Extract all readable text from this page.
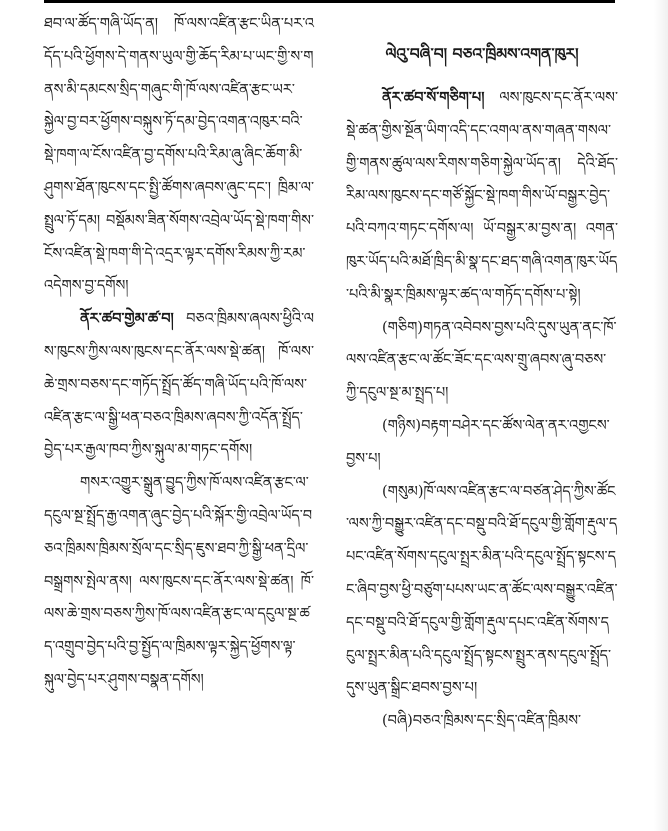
ཐབ་ལ་ཚོད་གཞི་ཡོད་ན། ཁོ་ལས་འཛིན་རྩང་ཡིན་པར་འདོད་པའི་ཕྱོགས་དེ་གནས་ཡུལ་གྱི་ཆོད་རིམ་པ་ཡང་གྱི་ས་གནས་མི་དམངས་སྲིད་གཞུང་གི་ཁོ་ལས་འཛིན་རྩང་ཡར་སྐྱེལ་བྱ་བར་ཕྱོགས་བསྐུས་ཏོ་དམ་བྱེད་འགན་འཁུར་བའི་སྡེ་ཁག་ལ་ངོས་འཛིན་བྱ་དགོས་པའི་རིམ་ཞུ་ཞིང་ཆོག་མི་ཤུགས་ཐོན་ཁུངས་དང་སྤྱི་ཚོགས་ཞབས་ཞུང་དང་། ཁྲིམ་ལ་སྤྲུལ་ཏོ་དམ། བསྡོམས་ཟིན་སོགས་འབྲེལ་ཡོད་སྡེ་ཁག་གིས་ངོས་འཛིན་སྡེ་ཁག་གི་དེ་འདྲར་ལྟར་དགོས་རིམས་ཀྱི་རམ་འདེགས་བྱ་དགོས།

ནོར་ཚབ་གྱེམ་ཚ་བ། བཅའ་ཁྲིམས་ཞལས་ཕྱིའི་ལས་ཁུངས་ཀྱིས་ལས་ཁུངས་དང་ནོར་ལས་སྡེ་ཚན། ཁོ་ལས་ཆེ་གྲས་བཅས་དང་གཏོད་སྤྲོད་ཚོད་གཞི་ཡོད་པའི་ཁོ་ལས་འཛིན་རྩང་ལ་སྒྱི་ཕན་བཅའ་ཁྲིམས་ཞབས་ཀྱི་འདོན་སྤྲོད་བྱེད་པར་རྒྱལ་ཁབ་ཀྱིས་སྐུལ་མ་གཏང་དགོས།

གསར་འགྱུར་སྒྲུན་བྱུད་ཀྱིས་ཁོ་ལས་འཛིན་རྩང་ལ་དངུལ་སྔ་སྤྲོད་རྒྱ་འགན་ཞུང་བྱེད་པའི་སྐོར་གྱི་འབྲེལ་ཡོད་བཅའ་ཁྲིམས་ཁྲིམས་སྲོལ་དང་སྲིད་ཇུས་ཐབ་ཀྱི་སྒྱི་ཕན་དྲིལ་བསྒྲགས་སྤེལ་ནས། ལས་ཁུངས་དང་ནོར་ལས་སྡེ་ཚན། ཁོ་ལས་ཆེ་གྲས་བཅས་ཀྱིས་ཁོ་ལས་འཛིན་རྩང་ལ་དངུལ་སྔ་ཚད་འགྲུབ་བྱེད་པའི་བྱ་སྤྱོད་ལ་ཁྲིམས་ལྟར་སྐྱེད་ཕྱོགས་ལྟ་སྐུལ་བྱེད་པར་ཤུགས་བསྣན་དགོས།

ལེའུ་བཞི་བ། བཅའ་ཁྲིམས་འགན་ཁུར།

ནོར་ཚབ་སོ་གཅིག་པ། ལས་ཁུངས་དང་ནོར་ལས་སྡེ་ཚན་གྱིས་སྔོན་ཡིག་འདི་དང་འགལ་ནས་གཞན་གསལ་གྱི་གནས་ཚུལ་ལས་རིགས་གཅིག་སྐྱེལ་ཡོད་ན། དེའི་ཐོད་རིམ་ལས་ཁུངས་དང་གཙོ་སྐྱོང་སྡེ་ཁག་གིས་ཡོ་བསྒྱར་བྱེད་པའི་བཀའ་གཏང་དགོས་ལ། ཡོ་བསྒྱར་མ་བྱས་ན། འགན་ཁུར་ཡོད་པའི་མཐོ་ཁྲིད་མི་སྣ་དང་ཐད་གཞི་འགན་ཁུར་ཡོད་པའི་མི་སྣར་ཁྲིམས་ལྟར་ཚད་ལ་གཏོད་དགོས་པ་སྟེ།

(གཅིག)གཏན་འབེབས་བྱས་པའི་དུས་ཡུན་ནང་ཁོ་ལས་འཛིན་རྩང་ལ་ཚོང་ཟོང་དང་ལས་གྲུ་ཞབས་ཞུ་བཅས་ཀྱི་དངུལ་སྔ་མ་སྤྲད་པ།

(གཉིས)བརྟག་བཤེར་དང་ཚོས་ལེན་ནར་འགྱངས་བྱས་པ།

(གསུམ)ཁོ་ལས་འཛིན་རྩང་ལ་བཙན་ཤེད་ཀྱིས་ཚོང་ལས་ཀྱི་བསྒྱུར་འཛིན་དང་བསྡུ་བའི་ཐོ་དངུལ་གྱི་གློག་རྡུལ་དཔང་འཛིན་སོགས་དངུལ་སྤྲར་མིན་པའི་དངུལ་སྤྲོད་སྟངས་དང་ཞིབ་བྱས་ཕྱི་བཙུག་པཔས་ཡང་ན་ཚོང་ལས་བསྒྱུར་འཛིན་དང་བསྡུ་བའི་ཐོ་དངུལ་གྱི་གློག་རྡུལ་དཔང་འཛིན་སོགས་དངུལ་སྤྲར་མིན་པའི་དངུལ་སྤྲོད་སྟངས་སྤྲུར་ནས་དངུལ་སྤྲོད་དུས་ཡུན་སྒྲིང་ཐབས་བྱས་པ།

(བཞི)བཅའ་ཁྲིམས་དང་སྲིད་འཛིན་ཁྲིམས་
